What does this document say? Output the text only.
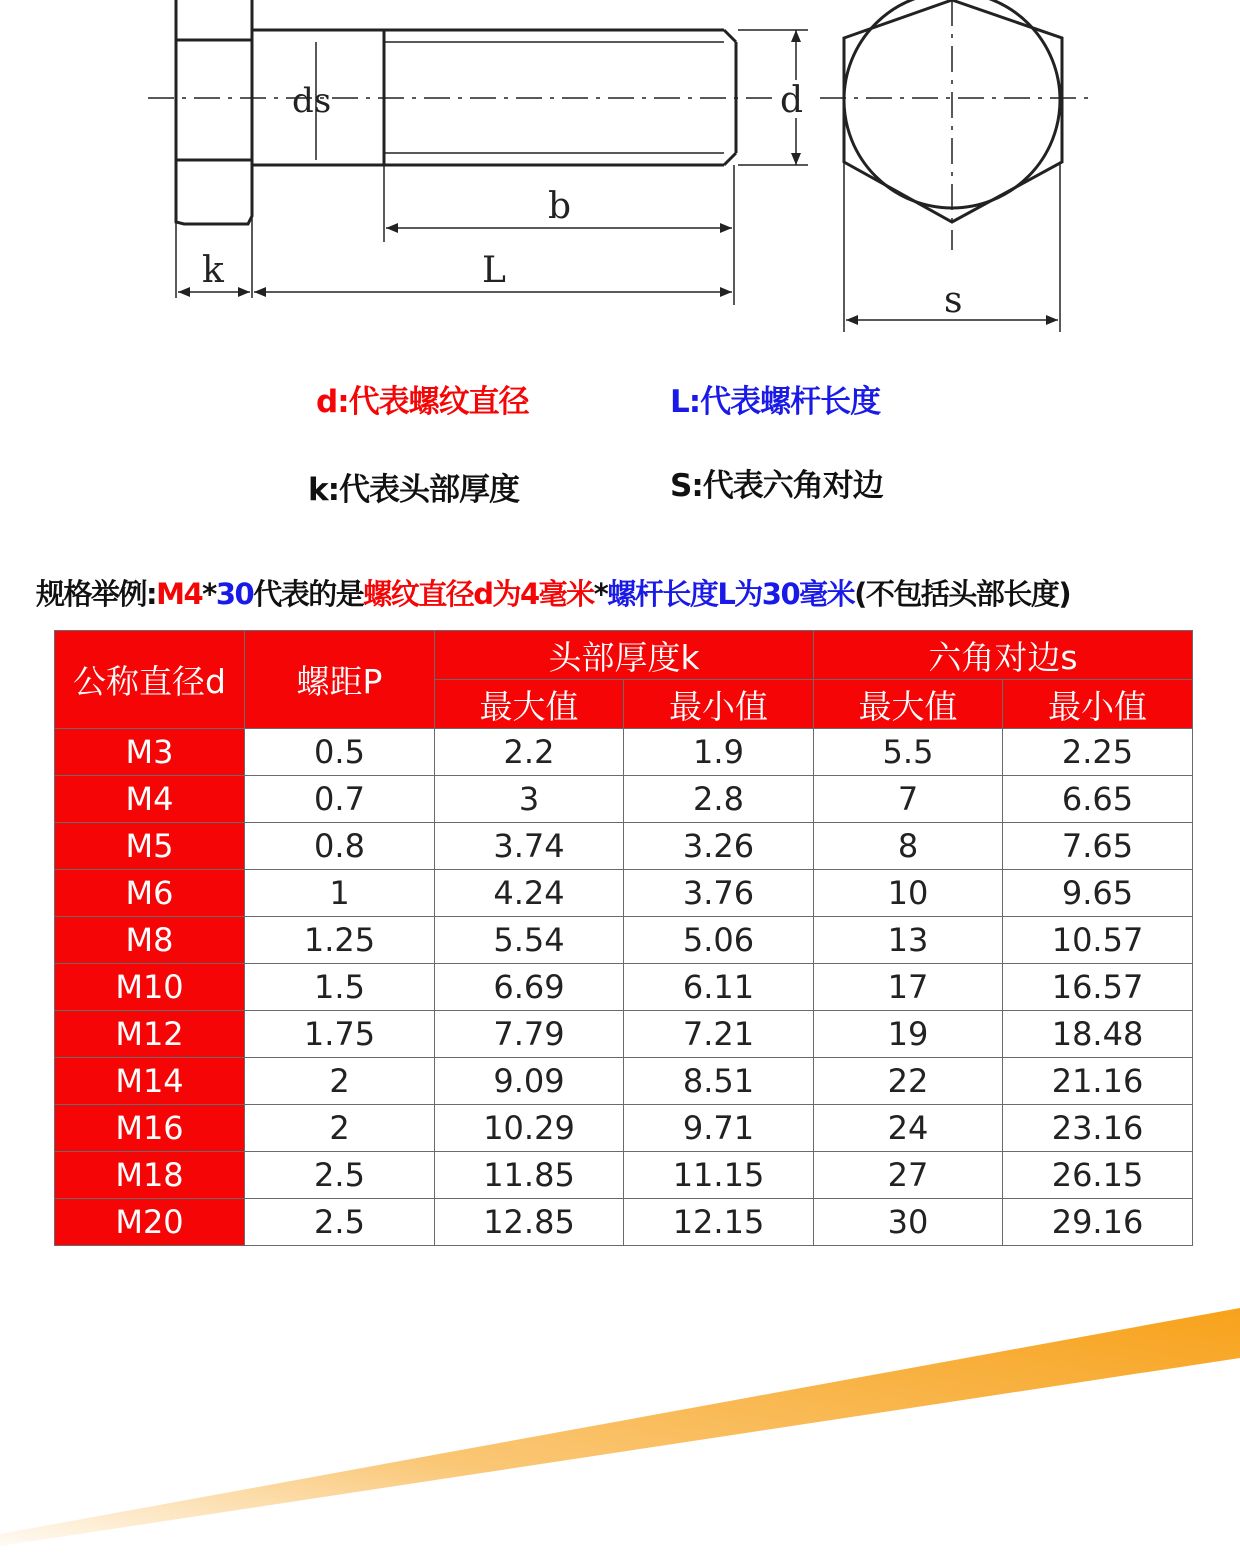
ds	d
b
k	L
s
d:代表螺纹直径	L:代表螺杆长度
k:代表头部厚度	S:代表六角对边
规格举例:M4*30代表的是螺纹直径d为4毫米*螺杆长度L为30毫米(不包括头部长度)
公称直径d	螺距P	头部厚度k		六角对边s	
		最大值	最小值	最大值	最小值
M3	0.5	2.2	1.9	5.5	2.25
M4	0.7	3	2.8	7	6.65
M5	0.8	3.74	3.26	8	7.65
M6	1	4.24	3.76	10	9.65
M8	1.25	5.54	5.06	13	10.57
M10	1.5	6.69	6.11	17	16.57
M12	1.75	7.79	7.21	19	18.48
M14	2	9.09	8.51	22	21.16
M16	2	10.29	9.71	24	23.16
M18	2.5	11.85	11.15	27	26.15
M20	2.5	12.85	12.15	30	29.16
